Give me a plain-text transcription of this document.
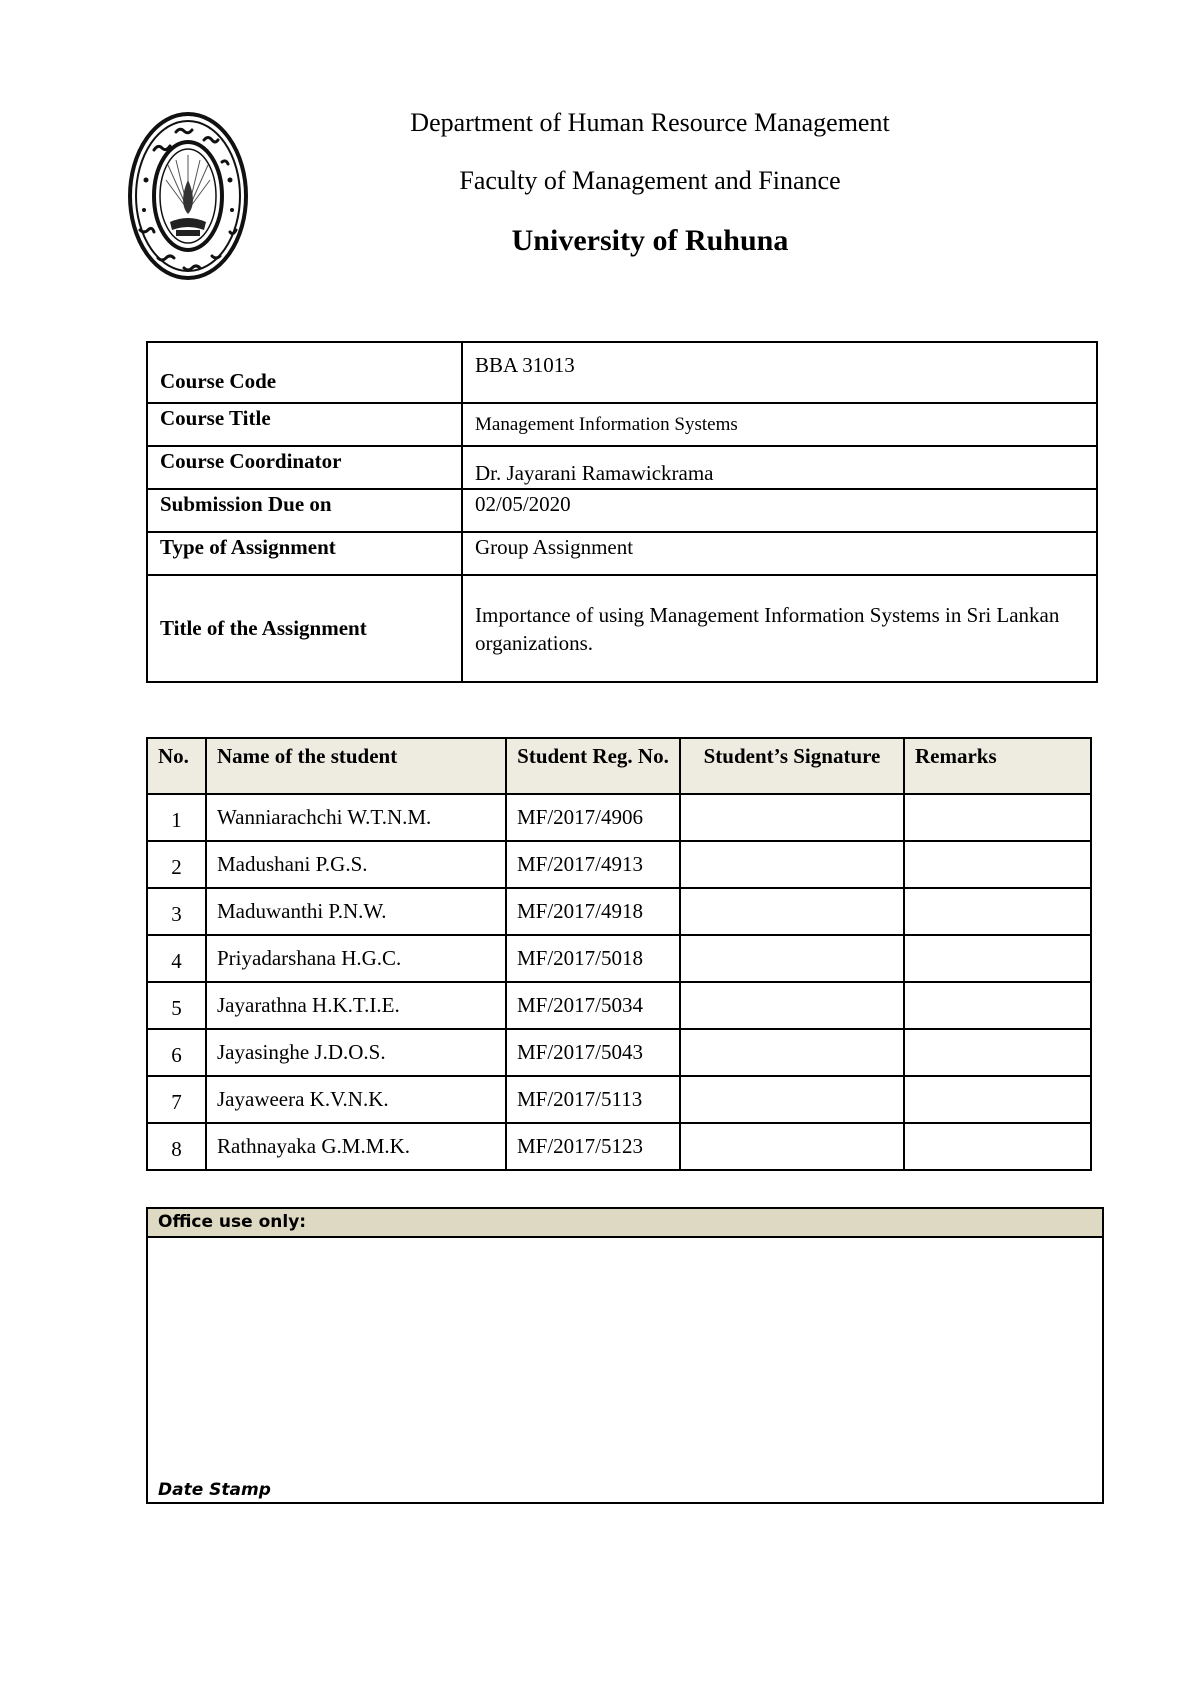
Department of Human Resource Management
Faculty of Management and Finance
University of Ruhuna
Course Code	BBA 31013
Course Title	Management Information Systems
Course Coordinator	Dr. Jayarani Ramawickrama
Submission Due on	02/05/2020
Type of Assignment	Group Assignment
Title of the Assignment	Importance of using Management Information Systems in Sri Lankan organizations.
No.	Name of the student	Student Reg. No.	Student’s Signature	Remarks
1	Wanniarachchi W.T.N.M.	MF/2017/4906		
2	Madushani P.G.S.	MF/2017/4913		
3	Maduwanthi P.N.W.	MF/2017/4918		
4	Priyadarshana H.G.C.	MF/2017/5018		
5	Jayarathna H.K.T.I.E.	MF/2017/5034		
6	Jayasinghe J.D.O.S.	MF/2017/5043		
7	Jayaweera K.V.N.K.	MF/2017/5113		
8	Rathnayaka G.M.M.K.	MF/2017/5123		
Office use only:
Date Stamp
